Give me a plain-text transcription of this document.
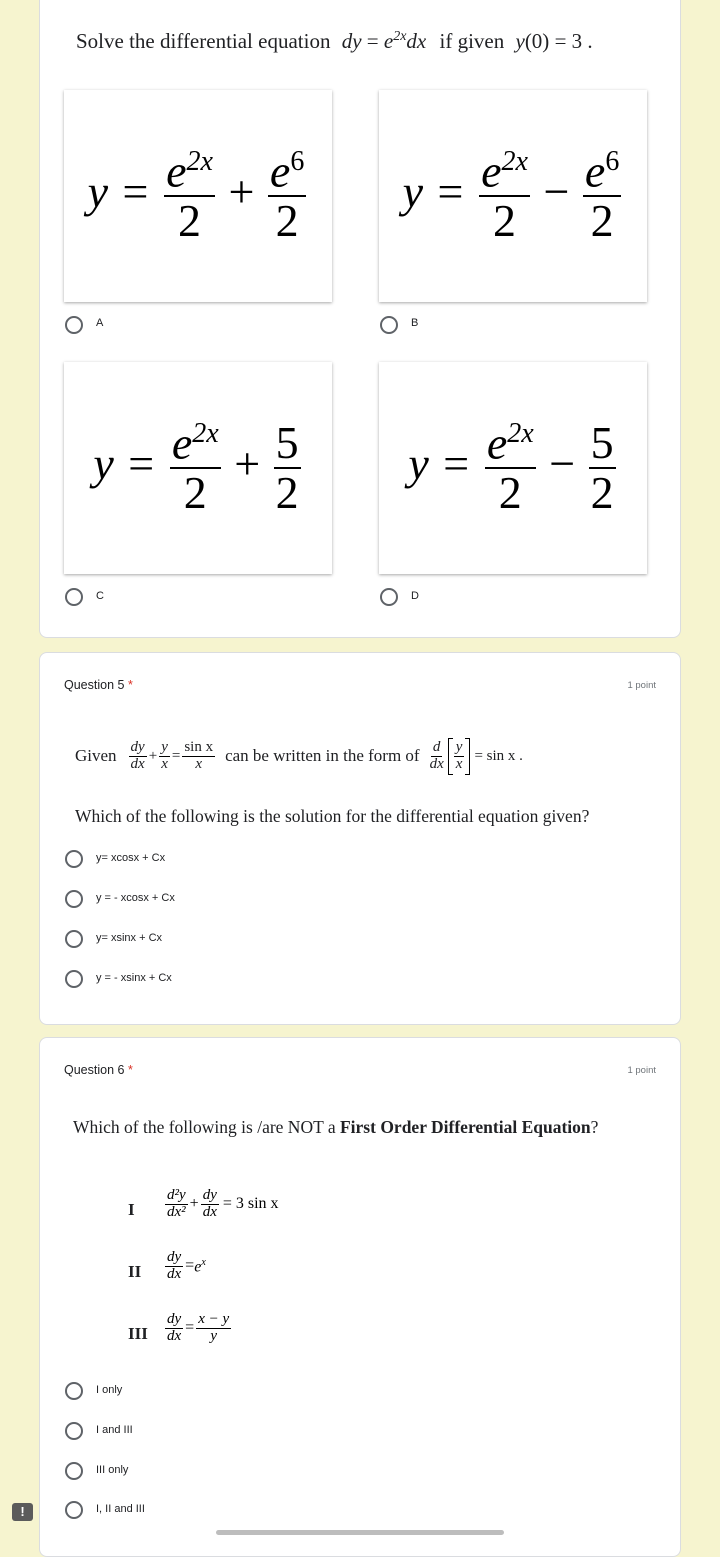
Solve the differential equation dy = $e^{2x}dx$ if given y(0) = 3 .
$y = \frac{e^{2x}}{2} + \frac{e^6}{2}$ $y = \frac{e^{2x}}{2} - \frac{e^6}{2}$
A	B
$y = \frac{e^{2x}}{2} + \frac{5}{2}$ $y = \frac{e^{2x}}{2} - \frac{5}{2}$
C	D
Question 5 *	1 point
Given $\frac{dy}{dx} + \frac{y}{x} = \frac{\text{sin x}}{x}$ can be written in the form of $\frac{d}{dx} \frac{y}{x} = \sin x$ .
Which of the following is the solution for the differential equation given?
y= xcosx + Cx
y = - xcosx + Cx
y= xsinx + Cx
y = - xsinx + Cx
Question 6 *	1 point
Which of the following is /are NOT a First Order Differential Equation?
I $\frac{\text{d²y}}{\text{dx²}} + \frac{dy}{dx} = 3$ sin x
II $\frac{dy}{dx} = e^x$
III $\frac{dy}{dx} = \frac{x - y}{y}$
I only
I and III
III only
I, II and III
!
